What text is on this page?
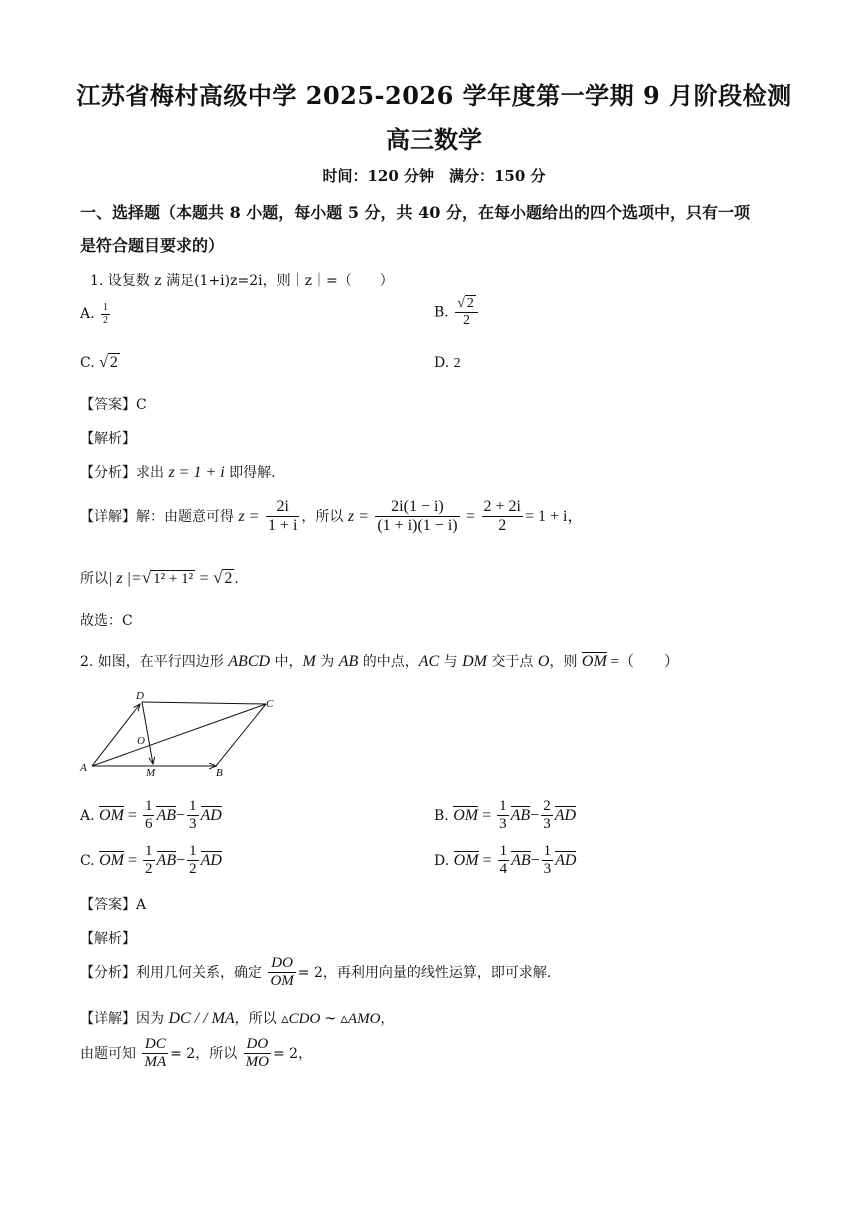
江苏省梅村高级中学 2025-2026 学年度第一学期 9 月阶段检测
高三数学
时间：120 分钟　满分：150 分
一、选择题（本题共 8 小题，每小题 5 分，共 40 分，在每小题给出的四个选项中，只有一项
是符合题目要求的）
1. 设复数 z 满足(1+i)z=2i，则｜z｜=（　　）
A. $\frac{1}{2}$	B. $\frac{√ 2}{2}$
C. √ 2	D. 2
【答案】C
【解析】
【分析】求出 z = 1 + i 即得解.
【详解】解：由题意可得 $z = \frac{2i}{1 + i}$ ，所以 $z = \frac{2i(1 - i)}{(1 + i)(1 - i)} = \frac{2 + 2i}{2} = 1 + i$，
所以| z |=√ 1² + 1² = √ 2 .
故选：C
2. 如图，在平行四边形 ABCD 中，M 为 AB 的中点，AC 与 DM 交于点 O，则 OM =（　　）
A	B
C
D
M
O
A. OM = $\frac{1}{6} AB- \frac{1}{3}$ AD	B. OM = $\frac{1}{3} AB- \frac{2}{3}$ AD
C. OM = $\frac{1}{2} AB- \frac{1}{2}$ AD	D. OM = $\frac{1}{4} AB- \frac{1}{3}$ AD
【答案】A
【解析】
【分析】利用几何关系，确定 $\frac{DO}{OM} = 2$，再利用向量的线性运算，即可求解.
【详解】因为 DC / / MA，所以 ▵CDO ∼ ▵AMO，
由题可知 $\frac{DC}{MA} = 2$，所以 $\frac{DO}{MO} = 2$，
